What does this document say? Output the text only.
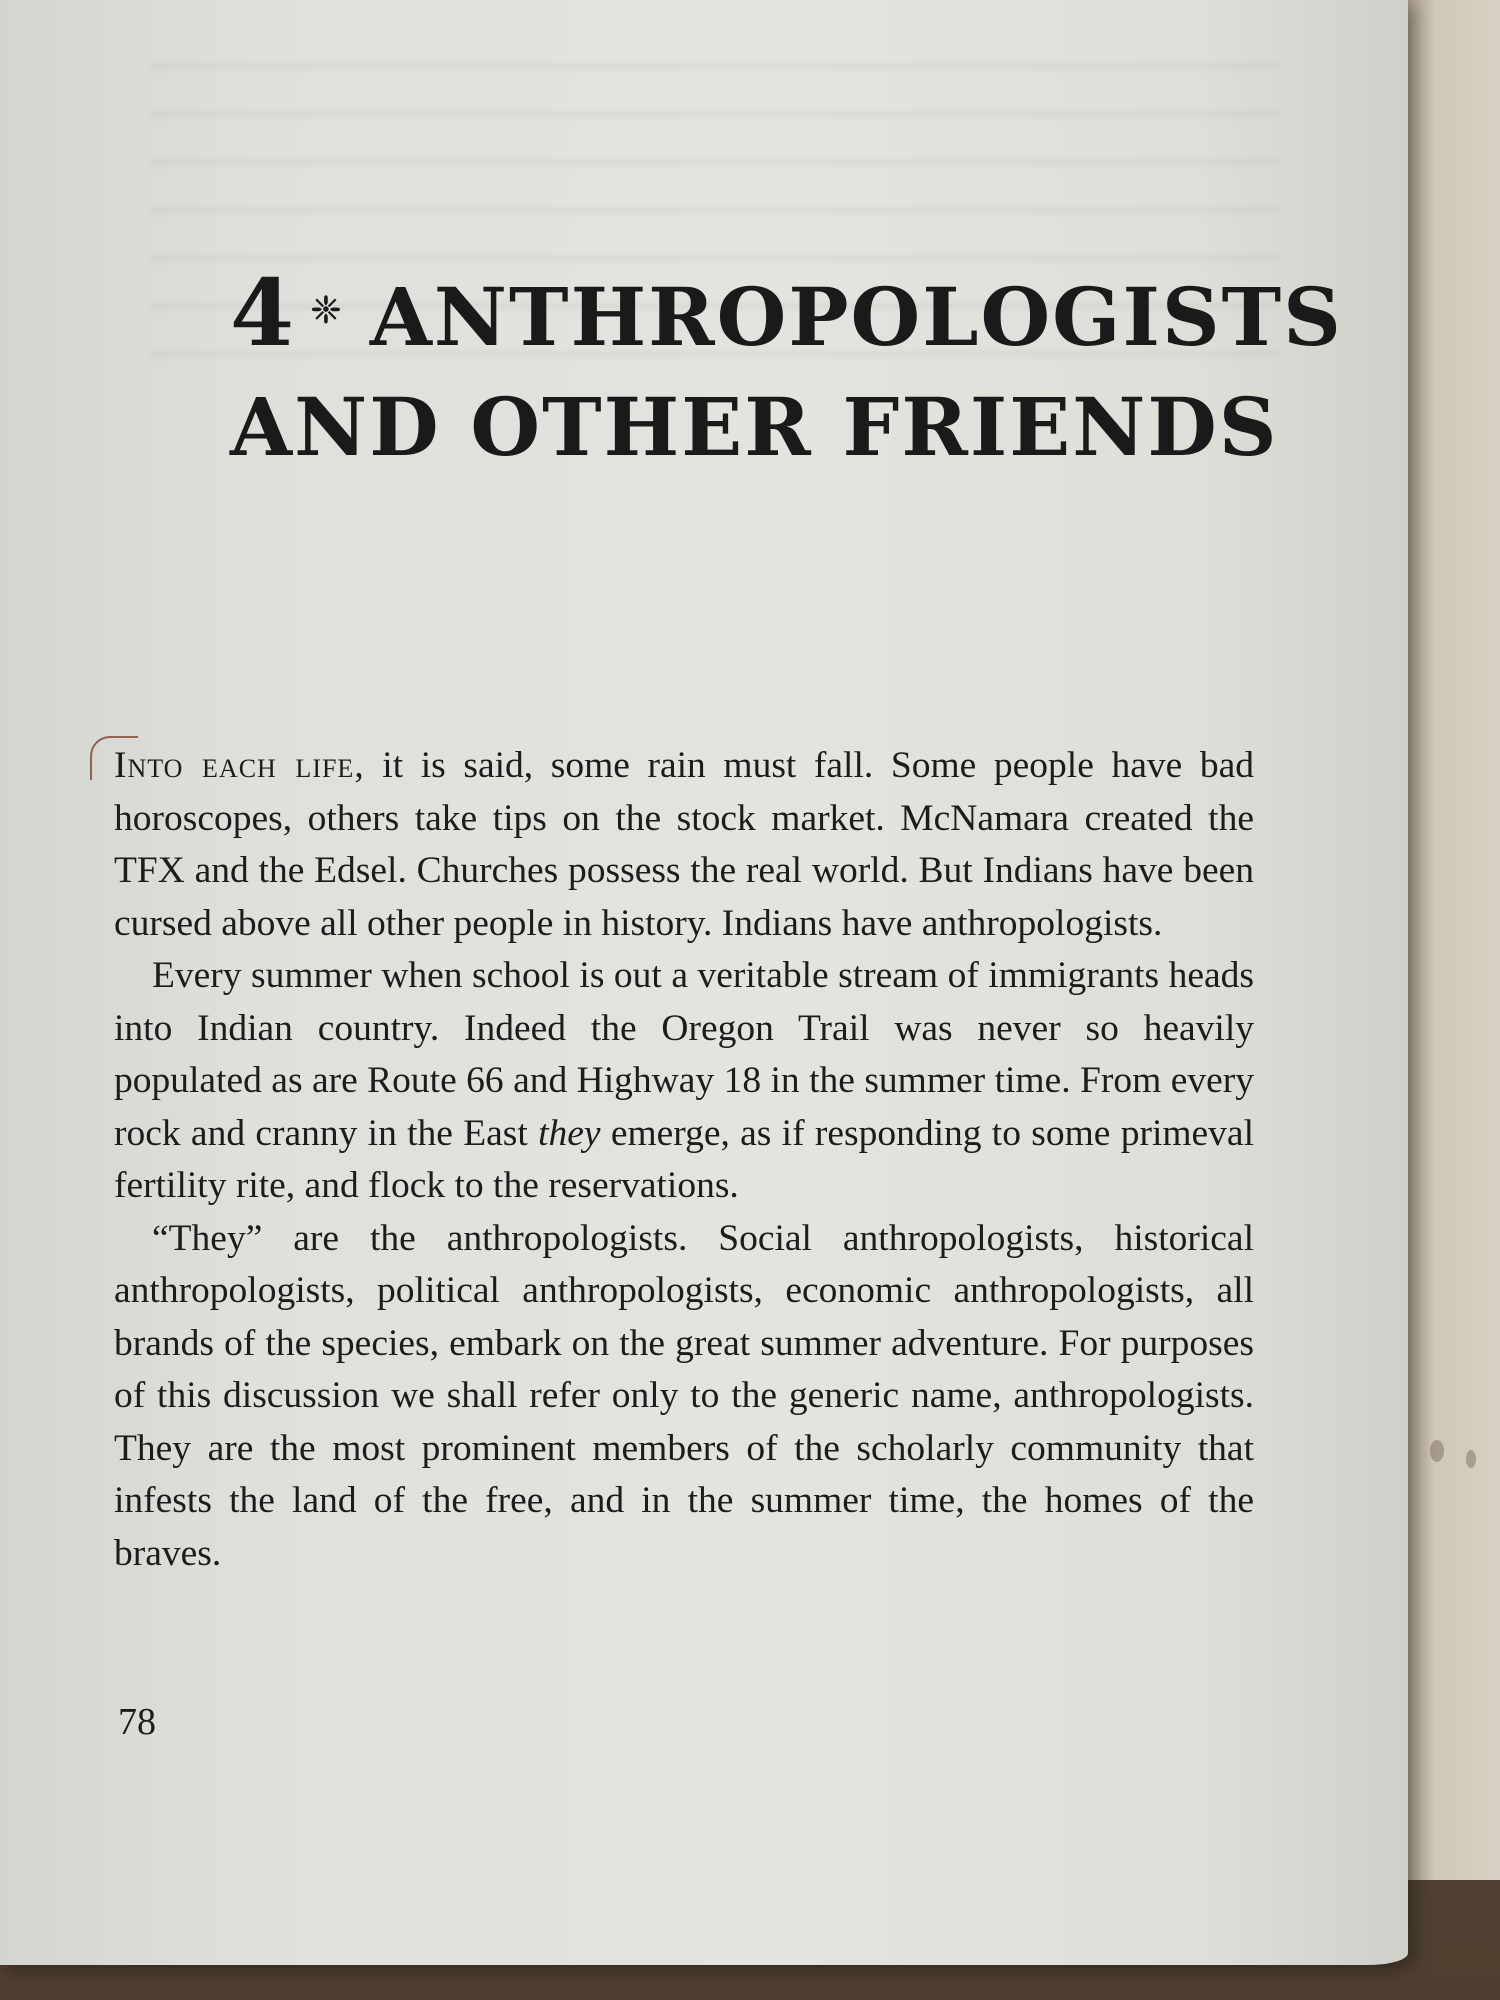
4 ❈ ANTHROPOLOGISTS
AND OTHER FRIENDS

Into each life, it is said, some rain must fall. Some people have bad horoscopes, others take tips on the stock market. McNamara created the TFX and the Edsel. Churches possess the real world. But Indians have been cursed above all other people in history. Indians have anthropologists.

Every summer when school is out a veritable stream of immigrants heads into Indian country. Indeed the Oregon Trail was never so heavily populated as are Route 66 and Highway 18 in the summer time. From every rock and cranny in the East they emerge, as if responding to some primeval fertility rite, and flock to the reservations.

“They” are the anthropologists. Social anthropologists, historical anthropologists, political anthropologists, economic anthropologists, all brands of the species, embark on the great summer adventure. For purposes of this discussion we shall refer only to the generic name, anthropologists. They are the most prominent members of the scholarly community that infests the land of the free, and in the summer time, the homes of the braves.

78
